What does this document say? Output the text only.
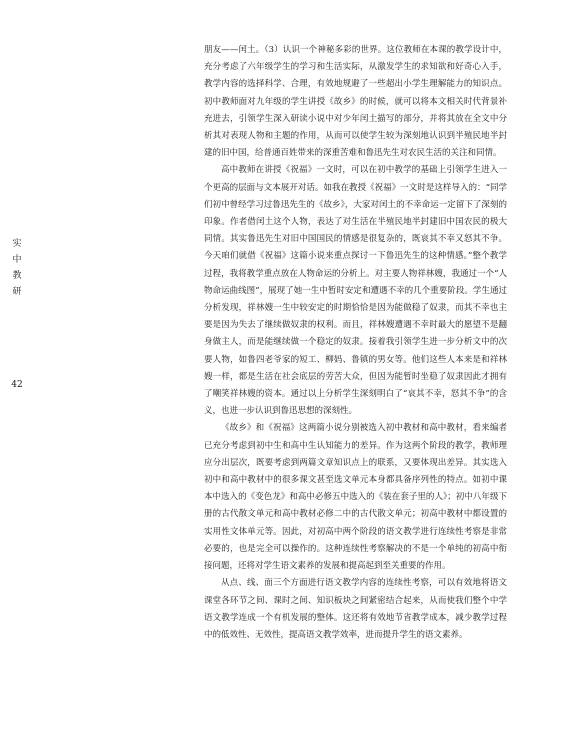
实
中
教
研
42

朋友——闰土。（3）认识一个神秘多彩的世界。这位教师在本课的教学设计中，充分考虑了六年级学生的学习和生活实际，从激发学生的求知欲和好奇心入手，教学内容的选择科学、合理，有效地规避了一些超出小学生理解能力的知识点。初中教师面对九年级的学生讲授《故乡》的时候，就可以将本文相关时代背景补充进去，引领学生深入研读小说中对少年闰土描写的部分，并将其放在全文中分析其对表现人物和主题的作用，从而可以使学生较为深刻地认识到半殖民地半封建的旧中国，给普通百姓带来的深重苦难和鲁迅先生对农民生活的关注和同情。

高中教师在讲授《祝福》一文时，可以在初中教学的基础上引领学生进入一个更高的层面与文本展开对话。如我在教授《祝福》一文时是这样导入的：“同学们初中曾经学习过鲁迅先生的《故乡》，大家对闰土的不幸命运一定留下了深刻的印象。作者借闰土这个人物，表达了对生活在半殖民地半封建旧中国农民的极大同情。其实鲁迅先生对旧中国国民的情感是很复杂的，既哀其不幸又怒其不争。今天咱们就借《祝福》这篇小说来重点探讨一下鲁迅先生的这种情感。”整个教学过程，我将教学重点放在人物命运的分析上。对主要人物祥林嫂，我通过一个“人物命运曲线图”，展现了她一生中暂时安定和遭遇不幸的几个重要阶段。学生通过分析发现，祥林嫂一生中较安定的时期恰恰是因为能做稳了奴隶，而其不幸也主要是因为失去了继续做奴隶的权利。而且，祥林嫂遭遇不幸时最大的愿望不是翻身做主人，而是能继续做一个稳定的奴隶。接着我引领学生进一步分析文中的次要人物，如鲁四老爷家的短工、柳妈、鲁镇的男女等。他们这些人本来是和祥林嫂一样，都是生活在社会底层的劳苦大众，但因为能暂时坐稳了奴隶因此才拥有了嘲笑祥林嫂的资本。通过以上分析学生深刻明白了“哀其不幸，怒其不争”的含义，也进一步认识到鲁迅思想的深刻性。

《故乡》和《祝福》这两篇小说分别被选入初中教材和高中教材，看来编者已充分考虑到初中生和高中生认知能力的差异。作为这两个阶段的教学，教师理应分出层次，既要考虑到两篇文章知识点上的联系，又要体现出差异。其实选入初中和高中教材中的很多课文甚至选文单元本身都具备序列性的特点。如初中课本中选入的《变色龙》和高中必修五中选入的《装在套子里的人》；初中八年级下册的古代散文单元和高中教材必修二中的古代散文单元；初高中教材中都设置的实用性文体单元等。因此，对初高中两个阶段的语文教学进行连续性考察是非常必要的，也是完全可以操作的。这种连续性考察解决的不是一个单纯的初高中衔接问题，还将对学生语文素养的发展和提高起到至关重要的作用。

从点、线、面三个方面进行语文教学内容的连续性考察，可以有效地将语文课堂各环节之间、课时之间、知识板块之间紧密结合起来，从而使我们整个中学语文教学连成一个有机发展的整体。这还将有效地节省教学成本，减少教学过程中的低效性、无效性，提高语文教学效率，进而提升学生的语文素养。
